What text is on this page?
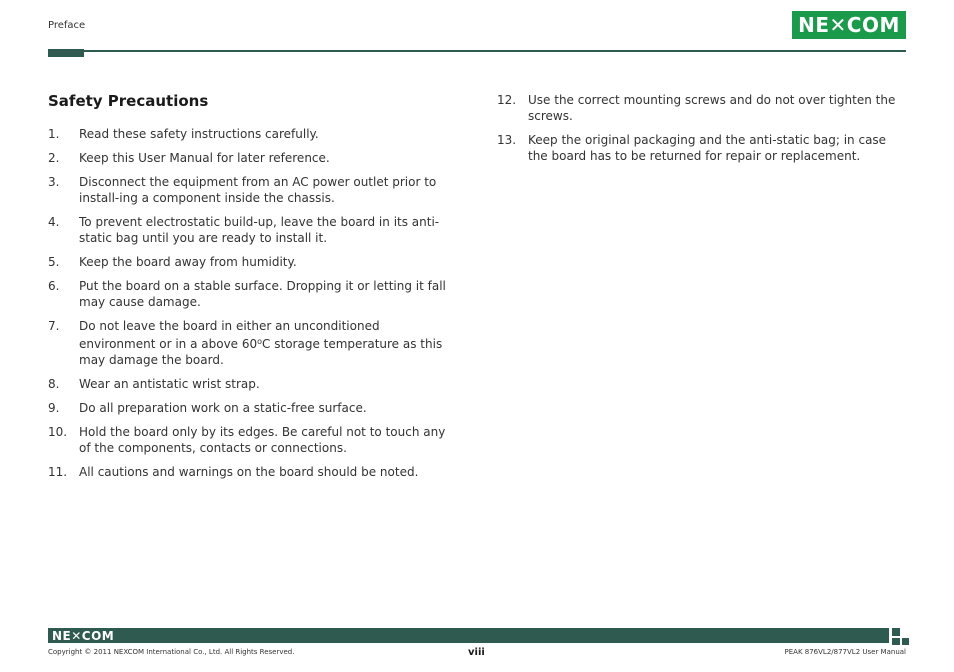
Preface	NE✕COM
Safety Precautions
1.	Read these safety instructions carefully.
2.	Keep this User Manual for later reference.
3.	Disconnect the equipment from an AC power outlet prior to install-ing a component inside the chassis.
4.	To prevent electrostatic build-up, leave the board in its anti-static bag until you are ready to install it.
5.	Keep the board away from humidity.
6.	Put the board on a stable surface. Dropping it or letting it fall may cause damage.
7.	Do not leave the board in either an unconditioned environment or in a above 60$^o$C storage temperature as this may damage the board.
8.	Wear an antistatic wrist strap.
9.	Do all preparation work on a static-free surface.
10. Hold the board only by its edges. Be careful not to touch any of the components, contacts or connections.
11. All cautions and warnings on the board should be noted.
12. Use the correct mounting screws and do not over tighten the screws.
13. Keep the original packaging and the anti-static bag; in case the board has to be returned for repair or replacement.
NE✕COM
Copyright © 2011 NEXCOM International Co., Ltd. All Rights Reserved.	viii	PEAK 876VL2/877VL2 User Manual
